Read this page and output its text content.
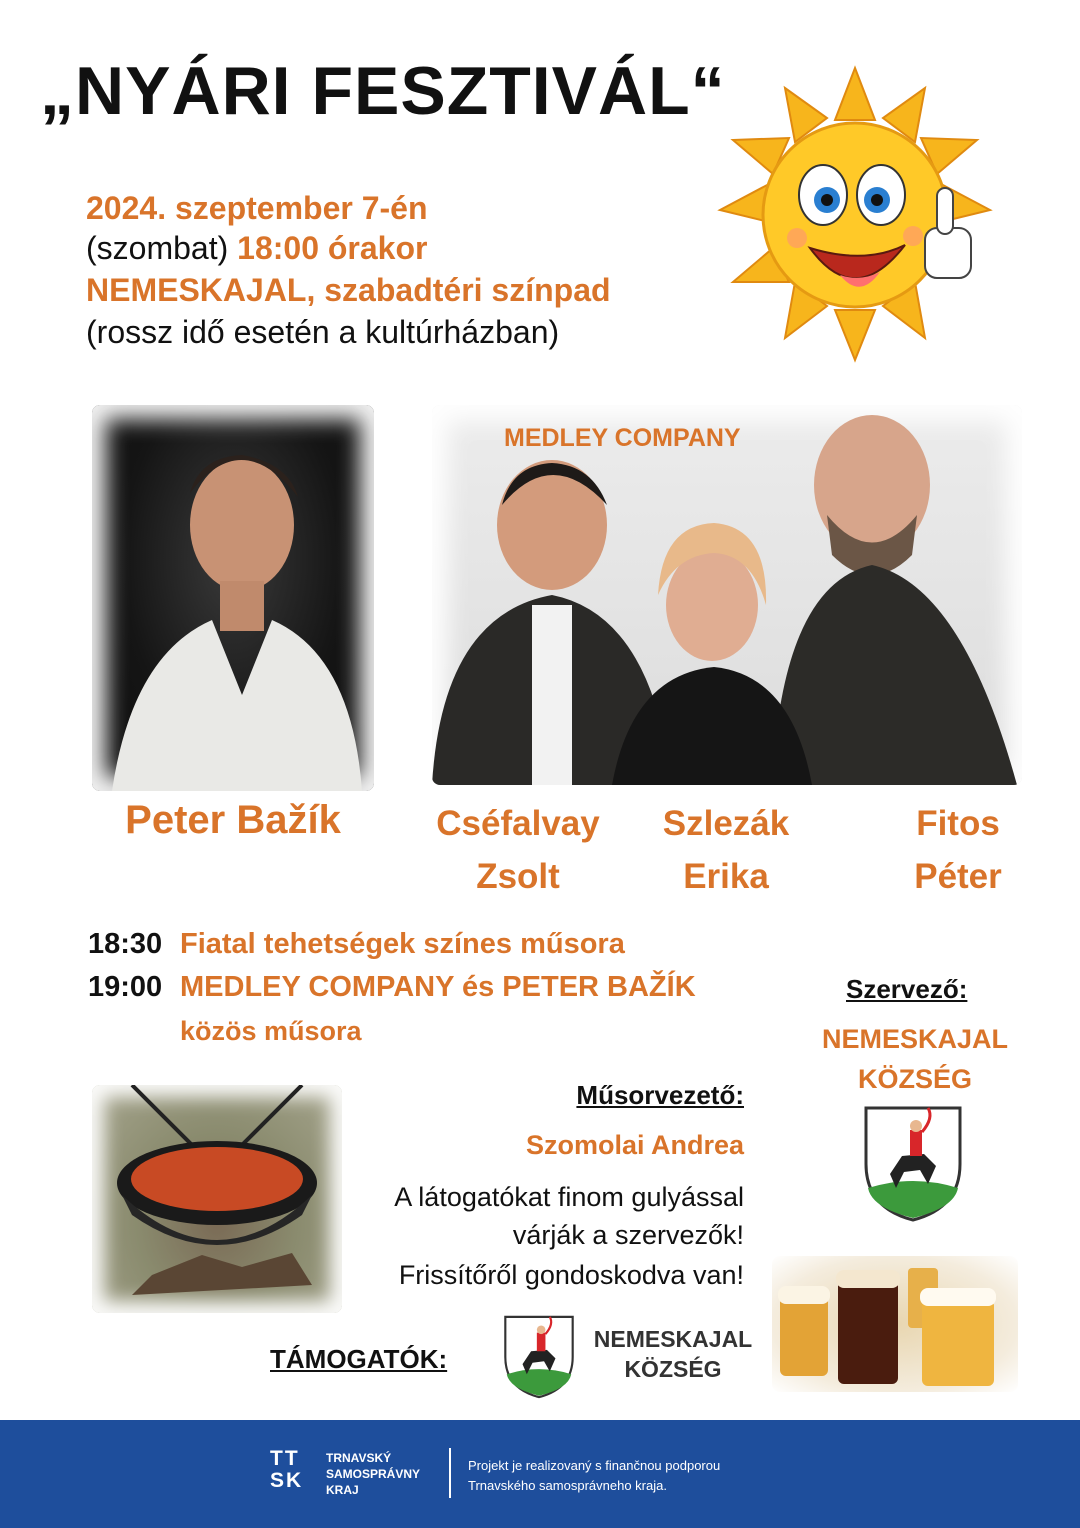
„NYÁRI FESZTIVÁL“
2024. szeptember 7-én
(szombat) 18:00 órakor
NEMESKAJAL, szabadtéri színpad
(rossz idő esetén a kultúrházban)
MEDLEY COMPANY
Peter Bažík	Cséfalvay
Zsolt
Szlezák
Erika
Fitos
Péter
18:30 Fiatal tehetségek színes műsora
19:00 MEDLEY COMPANY és PETER BAŽÍK
közös műsora
Szervező:
NEMESKAJAL
KÖZSÉG
Műsorvezető:
Szomolai Andrea
A látogatókat finom gulyással
várják a szervezők!
Frissítőről gondoskodva van!
TÁMOGATÓK:
NEMESKAJAL
KÖZSÉG
TT
SK
TRNAVSKÝ
SAMOSPRÁVNY
KRAJ
Projekt je realizovaný s finančnou podporou
Trnavského samosprávneho kraja.
